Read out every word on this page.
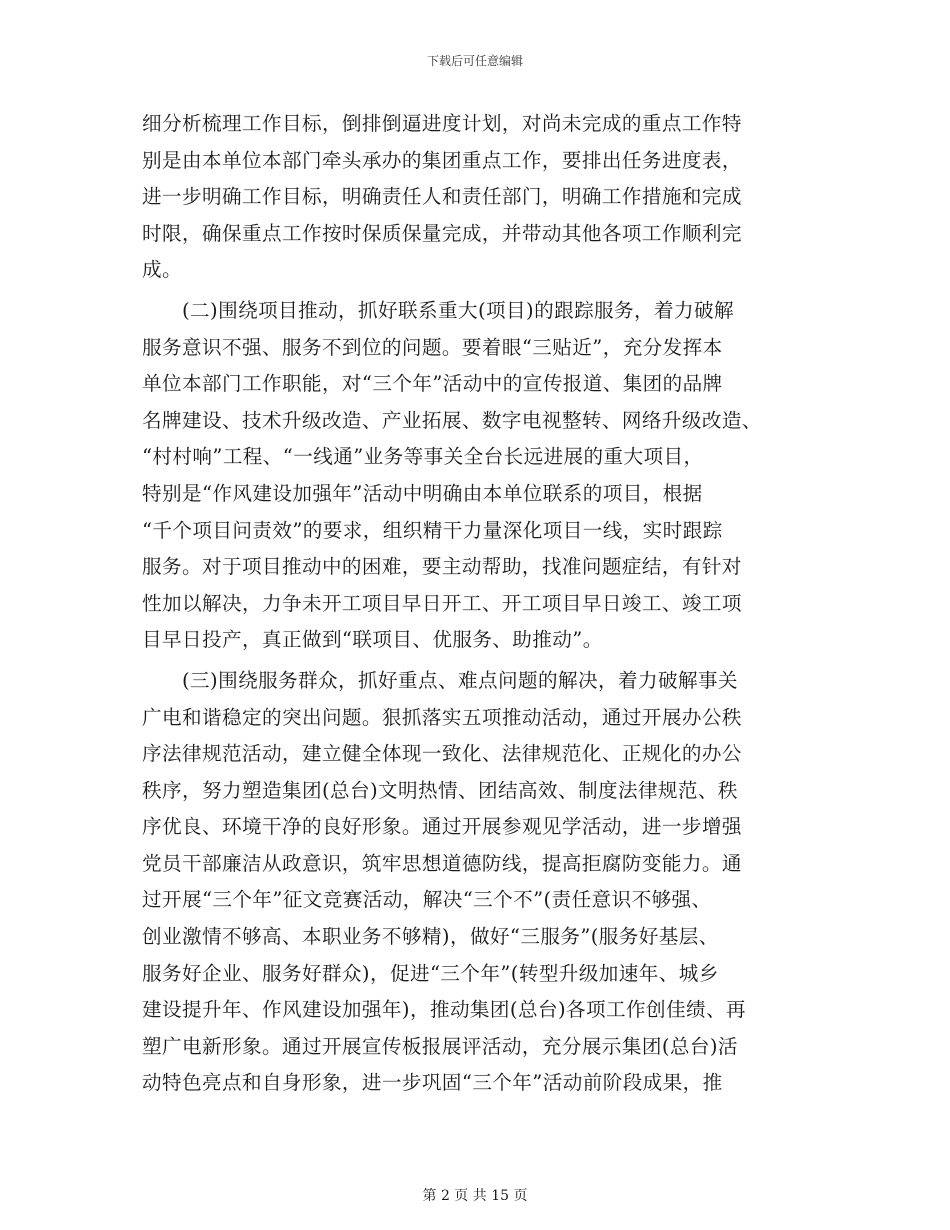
下载后可任意编辑
细分析梳理工作目标，倒排倒逼进度计划，对尚未完成的重点工作特
别是由本单位本部门牵头承办的集团重点工作，要排出任务进度表，
进一步明确工作目标，明确责任人和责任部门，明确工作措施和完成
时限，确保重点工作按时保质保量完成，并带动其他各项工作顺利完
成。
(二)围绕项目推动，抓好联系重大(项目)的跟踪服务，着力破解
服务意识不强、服务不到位的问题。要着眼“三贴近”，充分发挥本
单位本部门工作职能，对“三个年”活动中的宣传报道、集团的品牌
名牌建设、技术升级改造、产业拓展、数字电视整转、网络升级改造、
“村村响”工程、“一线通”业务等事关全台长远进展的重大项目，
特别是“作风建设加强年”活动中明确由本单位联系的项目，根据
“千个项目问责效”的要求，组织精干力量深化项目一线，实时跟踪
服务。对于项目推动中的困难，要主动帮助，找准问题症结，有针对
性加以解决，力争未开工项目早日开工、开工项目早日竣工、竣工项
目早日投产，真正做到“联项目、优服务、助推动”。
(三)围绕服务群众，抓好重点、难点问题的解决，着力破解事关
广电和谐稳定的突出问题。狠抓落实五项推动活动，通过开展办公秩
序法律规范活动，建立健全体现一致化、法律规范化、正规化的办公
秩序，努力塑造集团(总台)文明热情、团结高效、制度法律规范、秩
序优良、环境干净的良好形象。通过开展参观见学活动，进一步增强
党员干部廉洁从政意识，筑牢思想道德防线，提高拒腐防变能力。通
过开展“三个年”征文竞赛活动，解决“三个不”(责任意识不够强、
创业激情不够高、本职业务不够精)，做好“三服务”(服务好基层、
服务好企业、服务好群众)，促进“三个年”(转型升级加速年、城乡
建设提升年、作风建设加强年)，推动集团(总台)各项工作创佳绩、再
塑广电新形象。通过开展宣传板报展评活动，充分展示集团(总台)活
动特色亮点和自身形象，进一步巩固“三个年”活动前阶段成果，推
第 2 页 共 15 页
